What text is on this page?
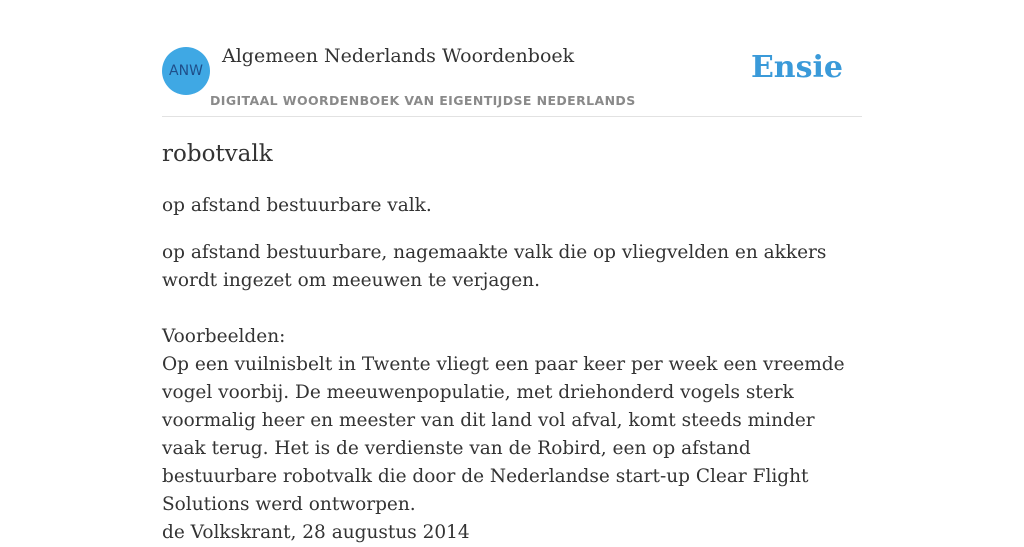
ANW
Algemeen Nederlands Woordenboek
DIGITAAL WOORDENBOEK VAN EIGENTIJDSE NEDERLANDS
Ensie
robotvalk

op afstand bestuurbare valk.

op afstand bestuurbare, nagemaakte valk die op vliegvelden en akkers wordt ingezet om meeuwen te verjagen.

Voorbeelden:

Op een vuilnisbelt in Twente vliegt een paar keer per week een vreemde vogel voorbij. De meeuwenpopulatie, met driehonderd vogels sterk voormalig heer en meester van dit land vol afval, komt steeds minder vaak terug. Het is de verdienste van de Robird, een op afstand bestuurbare robotvalk die door de Nederlandse start-up Clear Flight Solutions werd ontworpen.

de Volkskrant, 28 augustus 2014
